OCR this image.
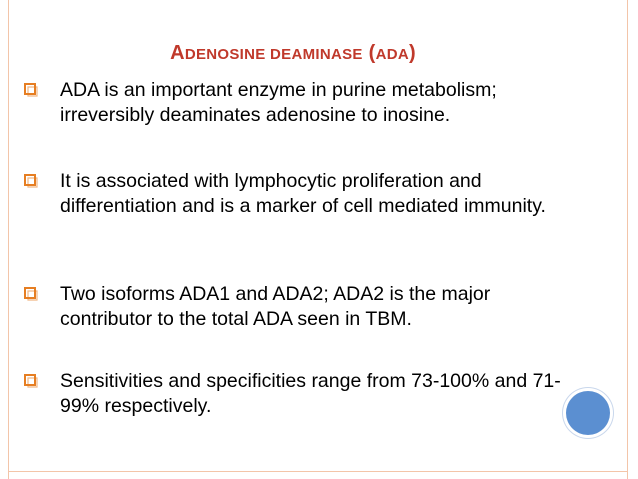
ADENOSINE DEAMINASE (ADA)
ADA is an important enzyme in purine metabolism; irreversibly deaminates adenosine to inosine.
It is associated with lymphocytic proliferation and differentiation and is a marker of cell mediated immunity.
Two isoforms ADA1 and ADA2; ADA2 is the major contributor to the total ADA seen in TBM.
Sensitivities and specificities range from 73-100% and 71-99% respectively.
